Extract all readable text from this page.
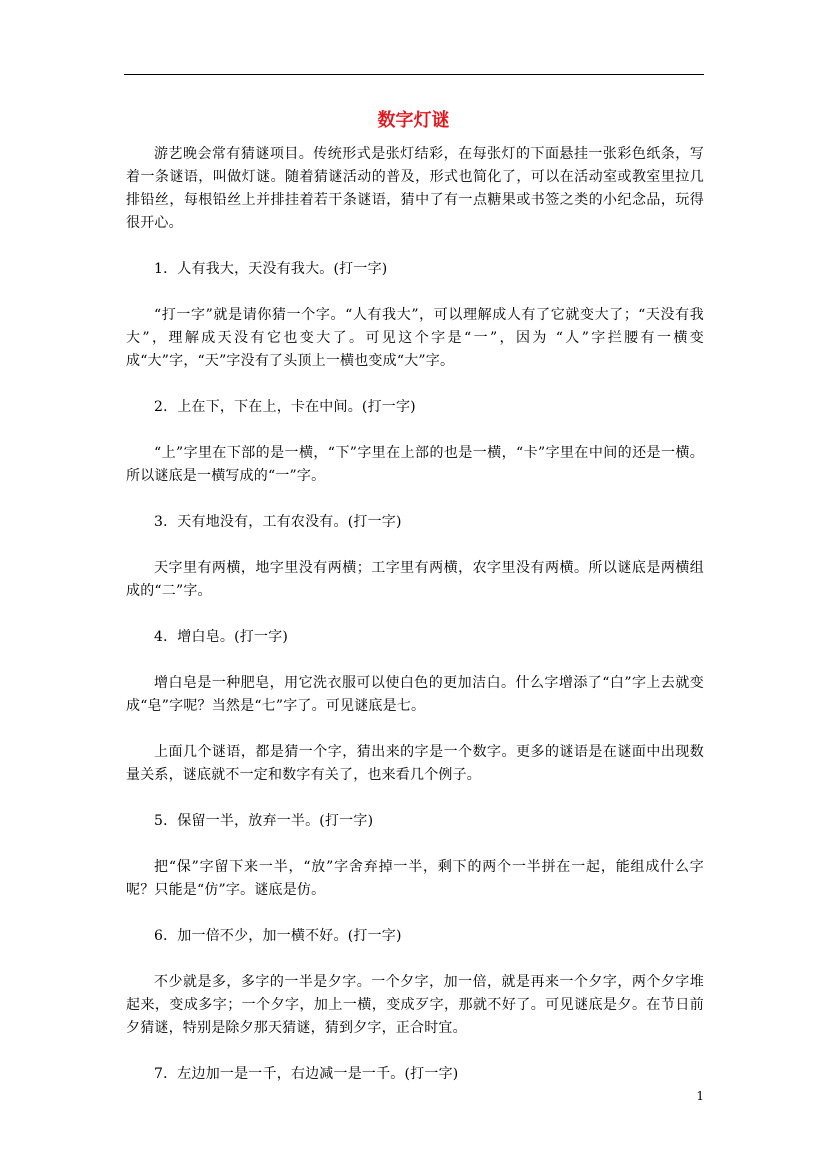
数字灯谜

游艺晚会常有猜谜项目。传统形式是张灯结彩，在每张灯的下面悬挂一张彩色纸条，写着一条谜语，叫做灯谜。随着猜谜活动的普及，形式也简化了，可以在活动室或教室里拉几排铅丝，每根铅丝上并排挂着若干条谜语，猜中了有一点糖果或书签之类的小纪念品，玩得很开心。

1．人有我大，天没有我大。(打一字)

“打一字”就是请你猜一个字。“人有我大”，可以理解成人有了它就变大了；“天没有我大”，理解成天没有它也变大了。可见这个字是“一”，因为 “人”字拦腰有一横变成“大”字，“天”字没有了头顶上一横也变成“大”字。

2．上在下，下在上，卡在中间。(打一字)

“上”字里在下部的是一横，“下”字里在上部的也是一横，“卡”字里在中间的还是一横。所以谜底是一横写成的“一”字。

3．天有地没有，工有农没有。(打一字)

天字里有两横，地字里没有两横；工字里有两横，农字里没有两横。所以谜底是两横组成的“二”字。

4．增白皂。(打一字)

增白皂是一种肥皂，用它洗衣服可以使白色的更加洁白。什么字增添了“白”字上去就变成“皂”字呢？当然是“七”字了。可见谜底是七。

上面几个谜语，都是猜一个字，猜出来的字是一个数字。更多的谜语是在谜面中出现数量关系，谜底就不一定和数字有关了，也来看几个例子。

5．保留一半，放弃一半。(打一字)

把“保”字留下来一半，“放”字舍弃掉一半，剩下的两个一半拼在一起，能组成什么字呢？只能是“仿”字。谜底是仿。

6．加一倍不少，加一横不好。(打一字)

不少就是多，多字的一半是夕字。一个夕字，加一倍，就是再来一个夕字，两个夕字堆起来，变成多字；一个夕字，加上一横，变成歹字，那就不好了。可见谜底是夕。在节日前夕猜谜，特别是除夕那天猜谜，猜到夕字，正合时宜。

7．左边加一是一千，右边减一是一千。(打一字)

1
